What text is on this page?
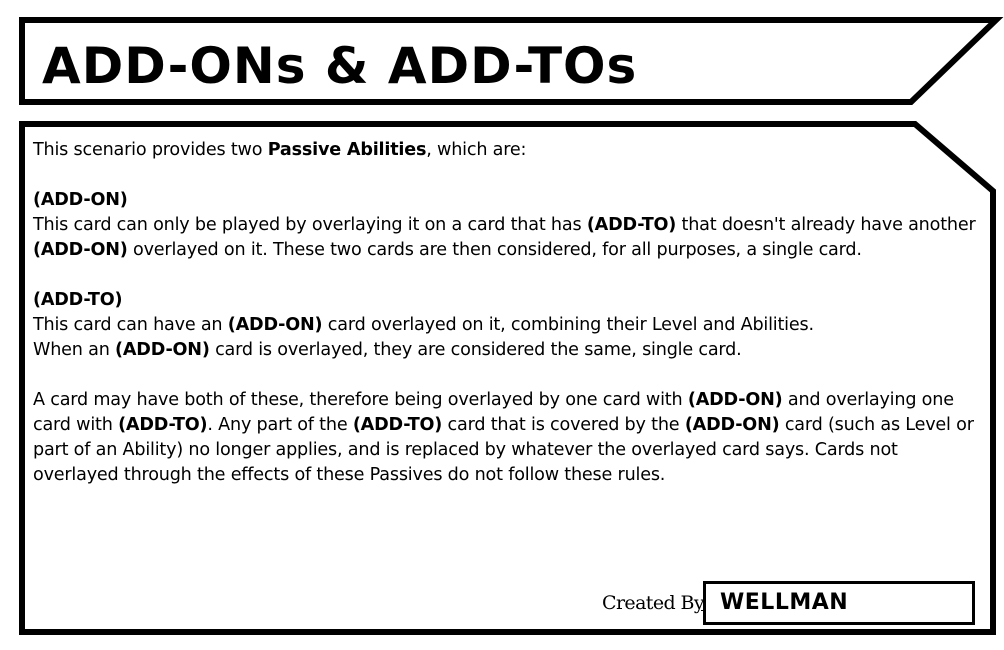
ADD-ONs & ADD-TOs

This scenario provides two Passive Abilities, which are:

(ADD-ON)
This card can only be played by overlaying it on a card that has (ADD-TO) that doesn't already have another (ADD-ON) overlayed on it. These two cards are then considered, for all purposes, a single card.

(ADD-TO)
This card can have an (ADD-ON) card overlayed on it, combining their Level and Abilities.
When an (ADD-ON) card is overlayed, they are considered the same, single card.

A card may have both of these, therefore being overlayed by one card with (ADD-ON) and overlaying one card with (ADD-TO). Any part of the (ADD-TO) card that is covered by the (ADD-ON) card (such as Level or part of an Ability) no longer applies, and is replaced by whatever the overlayed card says. Cards not overlayed through the effects of these Passives do not follow these rules.

Created By WELLMAN
